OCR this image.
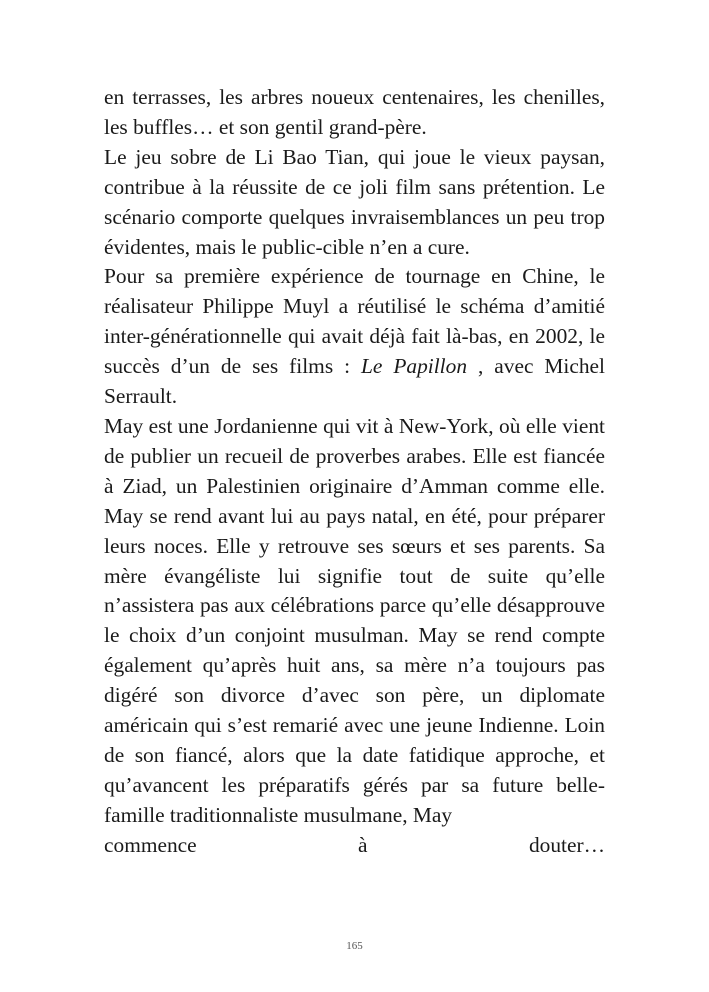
en terrasses, les arbres noueux centenaires, les chenilles, les buffles… et son gentil grand-père.

Le jeu sobre de Li Bao Tian, qui joue le vieux paysan, contribue à la réussite de ce joli film sans prétention. Le scénario comporte quelques invraisemblances un peu trop évidentes, mais le public-cible n’en a cure.

Pour sa première expérience de tournage en Chine, le réalisateur Philippe Muyl a réutilisé le schéma d’amitié inter-générationnelle qui avait déjà fait là-bas, en 2002, le succès d’un de ses films : Le Papillon , avec Michel Serrault.

May est une Jordanienne qui vit à New-York, où elle vient de publier un recueil de proverbes arabes. Elle est fiancée à Ziad, un Palestinien originaire d’Amman comme elle. May se rend avant lui au pays natal, en été, pour préparer leurs noces. Elle y retrouve ses sœurs et ses parents. Sa mère évangéliste lui signifie tout de suite qu’elle n’assistera pas aux célébrations parce qu’elle désapprouve le choix d’un conjoint musulman. May se rend compte également qu’après huit ans, sa mère n’a toujours pas digéré son divorce d’avec son père, un diplomate américain qui s’est remarié avec une jeune Indienne. Loin de son fiancé, alors que la date fatidique approche, et qu’avancent les préparatifs gérés par sa future belle-famille traditionnaliste musulmane, May

commence à douter…

165
